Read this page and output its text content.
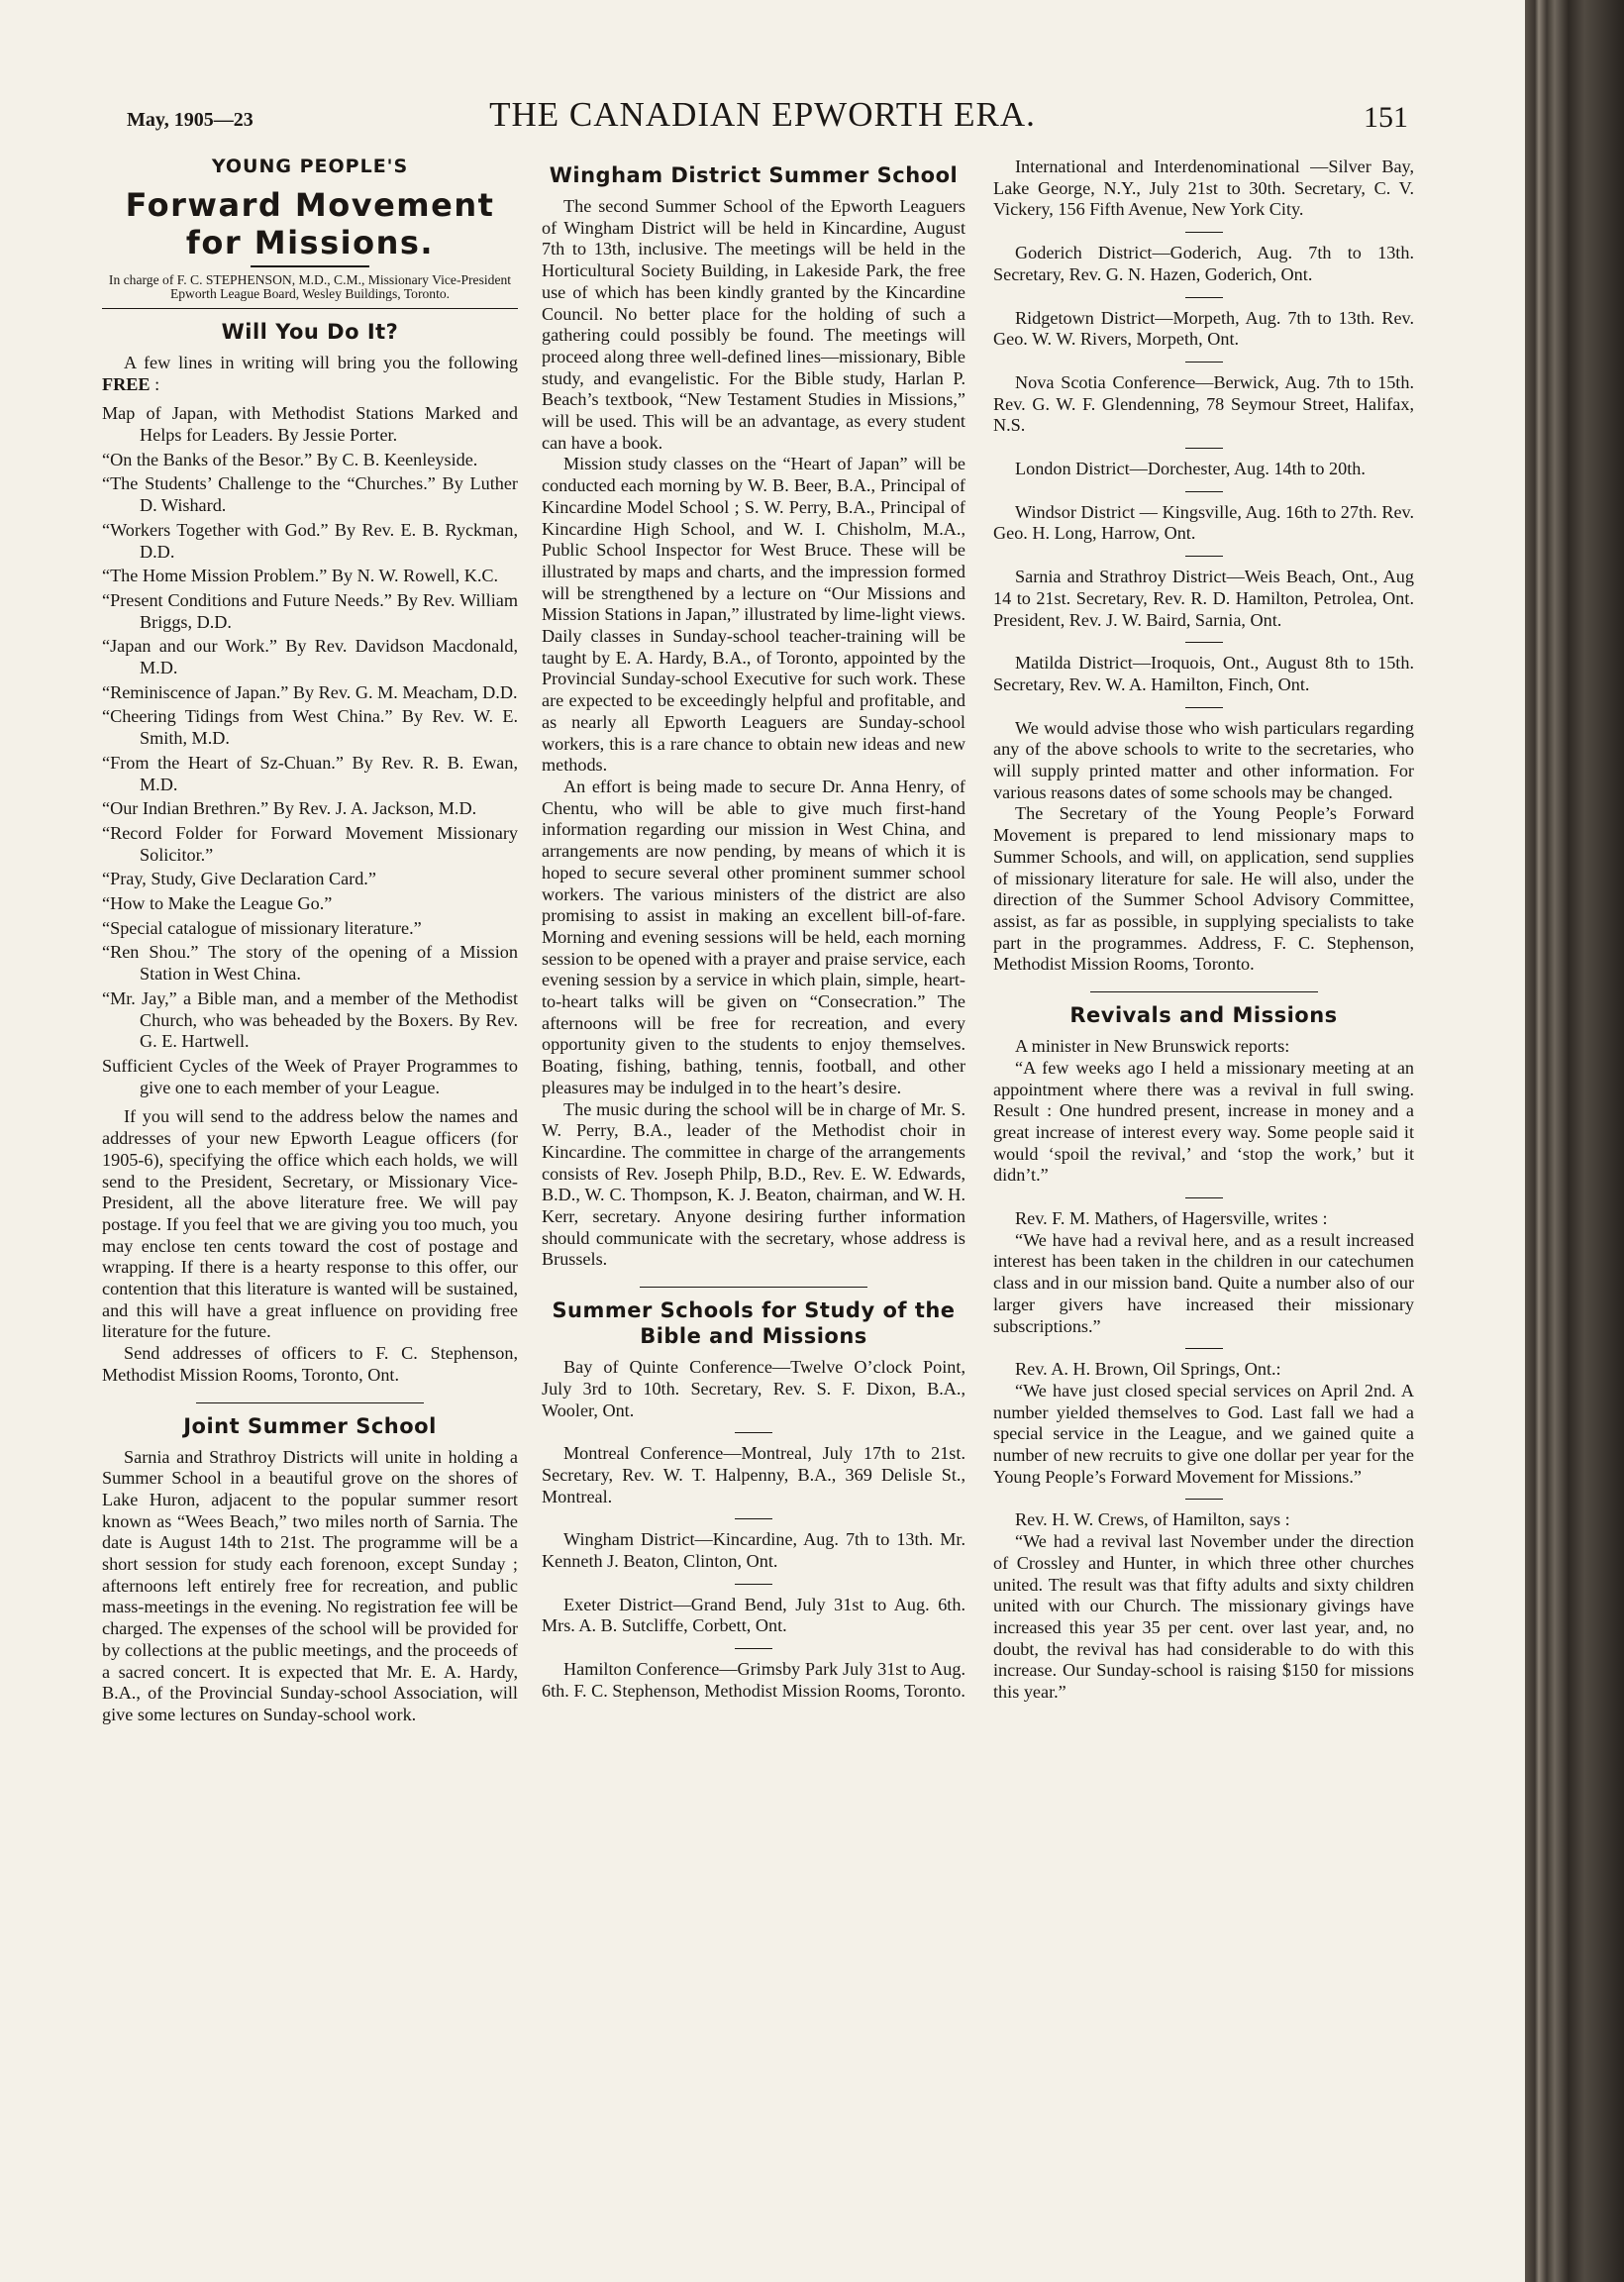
May, 1905—23	THE CANADIAN EPWORTH ERA.	151
YOUNG PEOPLE'S
Forward Movement
for Missions.
In charge of F. C. STEPHENSON, M.D., C.M., Missionary Vice-President Epworth League Board, Wesley Buildings, Toronto.
Will You Do It?

A few lines in writing will bring you the following FREE :

Map of Japan, with Methodist Stations Marked and Helps for Leaders. By Jessie Porter.

“On the Banks of the Besor.” By C. B. Keenleyside.

“The Students’ Challenge to the “Churches.” By Luther D. Wishard.

“Workers Together with God.” By Rev. E. B. Ryckman, D.D.

“The Home Mission Problem.” By N. W. Rowell, K.C.

“Present Conditions and Future Needs.” By Rev. William Briggs, D.D.

“Japan and our Work.” By Rev. Davidson Macdonald, M.D.

“Reminiscence of Japan.” By Rev. G. M. Meacham, D.D.

“Cheering Tidings from West China.” By Rev. W. E. Smith, M.D.

“From the Heart of Sz-Chuan.” By Rev. R. B. Ewan, M.D.

“Our Indian Brethren.” By Rev. J. A. Jackson, M.D.

“Record Folder for Forward Movement Missionary Solicitor.”

“Pray, Study, Give Declaration Card.”

“How to Make the League Go.”

“Special catalogue of missionary literature.”

“Ren Shou.” The story of the opening of a Mission Station in West China.

“Mr. Jay,” a Bible man, and a member of the Methodist Church, who was beheaded by the Boxers. By Rev. G. E. Hartwell.

Sufficient Cycles of the Week of Prayer Programmes to give one to each member of your League.

If you will send to the address below the names and addresses of your new Epworth League officers (for 1905-6), specifying the office which each holds, we will send to the President, Secretary, or Missionary Vice-President, all the above literature free. We will pay postage. If you feel that we are giving you too much, you may enclose ten cents toward the cost of postage and wrapping. If there is a hearty response to this offer, our contention that this literature is wanted will be sustained, and this will have a great influence on providing free literature for the future.

Send addresses of officers to F. C. Stephenson, Methodist Mission Rooms, Toronto, Ont.

Joint Summer School

Sarnia and Strathroy Districts will unite in holding a Summer School in a beautiful grove on the shores of Lake Huron, adjacent to the popular summer resort known as “Wees Beach,” two miles north of Sarnia. The date is August 14th to 21st. The programme will be a short session for study each forenoon, except Sunday ; afternoons left entirely free for recreation, and public mass-meetings in the evening. No registration fee will be charged. The expenses of the school will be provided for by collections at the public meetings, and the proceeds of a sacred concert. It is expected that Mr. E. A. Hardy, B.A., of the Provincial Sunday-school Association, will give some lectures on Sunday-school work.

Wingham District Summer School

The second Summer School of the Epworth Leaguers of Wingham District will be held in Kincardine, August 7th to 13th, inclusive. The meetings will be held in the Horticultural Society Building, in Lakeside Park, the free use of which has been kindly granted by the Kincardine Council. No better place for the holding of such a gathering could possibly be found. The meetings will proceed along three well-defined lines—missionary, Bible study, and evangelistic. For the Bible study, Harlan P. Beach’s textbook, “New Testament Studies in Missions,” will be used. This will be an advantage, as every student can have a book.

Mission study classes on the “Heart of Japan” will be conducted each morning by W. B. Beer, B.A., Principal of Kincardine Model School ; S. W. Perry, B.A., Principal of Kincardine High School, and W. I. Chisholm, M.A., Public School Inspector for West Bruce. These will be illustrated by maps and charts, and the impression formed will be strengthened by a lecture on “Our Missions and Mission Stations in Japan,” illustrated by lime-light views. Daily classes in Sunday-school teacher-training will be taught by E. A. Hardy, B.A., of Toronto, appointed by the Provincial Sunday-school Executive for such work. These are expected to be exceedingly helpful and profitable, and as nearly all Epworth Leaguers are Sunday-school workers, this is a rare chance to obtain new ideas and new methods.

An effort is being made to secure Dr. Anna Henry, of Chentu, who will be able to give much first-hand information regarding our mission in West China, and arrangements are now pending, by means of which it is hoped to secure several other prominent summer school workers. The various ministers of the district are also promising to assist in making an excellent bill-of-fare. Morning and evening sessions will be held, each morning session to be opened with a prayer and praise service, each evening session by a service in which plain, simple, heart-to-heart talks will be given on “Consecration.” The afternoons will be free for recreation, and every opportunity given to the students to enjoy themselves. Boating, fishing, bathing, tennis, football, and other pleasures may be indulged in to the heart’s desire.

The music during the school will be in charge of Mr. S. W. Perry, B.A., leader of the Methodist choir in Kincardine. The committee in charge of the arrangements consists of Rev. Joseph Philp, B.D., Rev. E. W. Edwards, B.D., W. C. Thompson, K. J. Beaton, chairman, and W. H. Kerr, secretary. Anyone desiring further information should communicate with the secretary, whose address is Brussels.

Summer Schools for Study of the Bible and Missions

Bay of Quinte Conference—Twelve O’clock Point, July 3rd to 10th. Secretary, Rev. S. F. Dixon, B.A., Wooler, Ont.

Montreal Conference—Montreal, July 17th to 21st. Secretary, Rev. W. T. Halpenny, B.A., 369 Delisle St., Montreal.

Wingham District—Kincardine, Aug. 7th to 13th. Mr. Kenneth J. Beaton, Clinton, Ont.

Exeter District—Grand Bend, July 31st to Aug. 6th. Mrs. A. B. Sutcliffe, Corbett, Ont.

Hamilton Conference—Grimsby Park July 31st to Aug. 6th. F. C. Stephenson, Methodist Mission Rooms, Toronto.

International and Interdenominational —Silver Bay, Lake George, N.Y., July 21st to 30th. Secretary, C. V. Vickery, 156 Fifth Avenue, New York City.

Goderich District—Goderich, Aug. 7th to 13th. Secretary, Rev. G. N. Hazen, Goderich, Ont.

Ridgetown District—Morpeth, Aug. 7th to 13th. Rev. Geo. W. W. Rivers, Morpeth, Ont.

Nova Scotia Conference—Berwick, Aug. 7th to 15th. Rev. G. W. F. Glendenning, 78 Seymour Street, Halifax, N.S.

London District—Dorchester, Aug. 14th to 20th.

Windsor District — Kingsville, Aug. 16th to 27th. Rev. Geo. H. Long, Harrow, Ont.

Sarnia and Strathroy District—Weis Beach, Ont., Aug 14 to 21st. Secretary, Rev. R. D. Hamilton, Petrolea, Ont. President, Rev. J. W. Baird, Sarnia, Ont.

Matilda District—Iroquois, Ont., August 8th to 15th. Secretary, Rev. W. A. Hamilton, Finch, Ont.

We would advise those who wish particulars regarding any of the above schools to write to the secretaries, who will supply printed matter and other information. For various reasons dates of some schools may be changed.

The Secretary of the Young People’s Forward Movement is prepared to lend missionary maps to Summer Schools, and will, on application, send supplies of missionary literature for sale. He will also, under the direction of the Summer School Advisory Committee, assist, as far as possible, in supplying specialists to take part in the programmes. Address, F. C. Stephenson, Methodist Mission Rooms, Toronto.

Revivals and Missions

A minister in New Brunswick reports:

“A few weeks ago I held a missionary meeting at an appointment where there was a revival in full swing. Result : One hundred present, increase in money and a great increase of interest every way. Some people said it would ‘spoil the revival,’ and ‘stop the work,’ but it didn’t.”

Rev. F. M. Mathers, of Hagersville, writes :

“We have had a revival here, and as a result increased interest has been taken in the children in our catechumen class and in our mission band. Quite a number also of our larger givers have increased their missionary subscriptions.”

Rev. A. H. Brown, Oil Springs, Ont.:

“We have just closed special services on April 2nd. A number yielded themselves to God. Last fall we had a special service in the League, and we gained quite a number of new recruits to give one dollar per year for the Young People’s Forward Movement for Missions.”

Rev. H. W. Crews, of Hamilton, says :

“We had a revival last November under the direction of Crossley and Hunter, in which three other churches united. The result was that fifty adults and sixty children united with our Church. The missionary givings have increased this year 35 per cent. over last year, and, no doubt, the revival has had considerable to do with this increase. Our Sunday-school is raising $150 for missions this year.”
